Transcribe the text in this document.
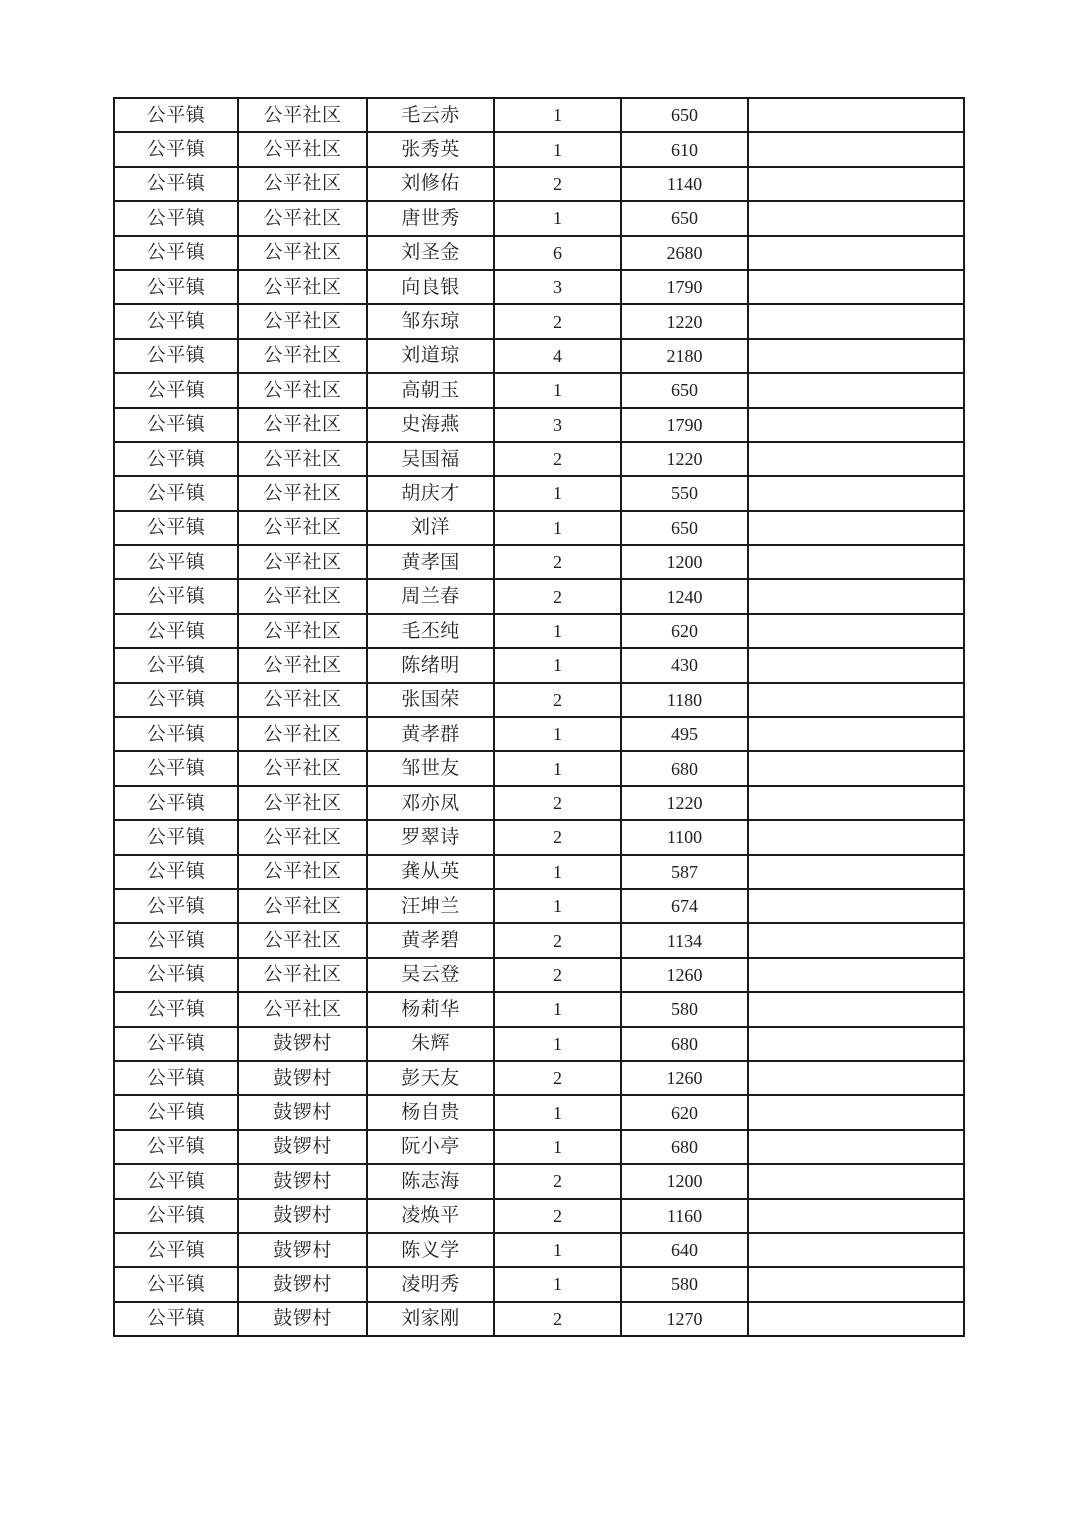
公平镇	公平社区	毛云赤	1	650	
公平镇	公平社区	张秀英	1	610	
公平镇	公平社区	刘修佑	2	1140	
公平镇	公平社区	唐世秀	1	650	
公平镇	公平社区	刘圣金	6	2680	
公平镇	公平社区	向良银	3	1790	
公平镇	公平社区	邹东琼	2	1220	
公平镇	公平社区	刘道琼	4	2180	
公平镇	公平社区	高朝玉	1	650	
公平镇	公平社区	史海燕	3	1790	
公平镇	公平社区	吴国福	2	1220	
公平镇	公平社区	胡庆才	1	550	
公平镇	公平社区	刘洋	1	650	
公平镇	公平社区	黄孝国	2	1200	
公平镇	公平社区	周兰春	2	1240	
公平镇	公平社区	毛丕纯	1	620	
公平镇	公平社区	陈绪明	1	430	
公平镇	公平社区	张国荣	2	1180	
公平镇	公平社区	黄孝群	1	495	
公平镇	公平社区	邹世友	1	680	
公平镇	公平社区	邓亦凤	2	1220	
公平镇	公平社区	罗翠诗	2	1100	
公平镇	公平社区	龚从英	1	587	
公平镇	公平社区	汪坤兰	1	674	
公平镇	公平社区	黄孝碧	2	1134	
公平镇	公平社区	吴云登	2	1260	
公平镇	公平社区	杨莉华	1	580	
公平镇	鼓锣村	朱辉	1	680	
公平镇	鼓锣村	彭天友	2	1260	
公平镇	鼓锣村	杨自贵	1	620	
公平镇	鼓锣村	阮小亭	1	680	
公平镇	鼓锣村	陈志海	2	1200	
公平镇	鼓锣村	凌焕平	2	1160	
公平镇	鼓锣村	陈义学	1	640	
公平镇	鼓锣村	凌明秀	1	580	
公平镇	鼓锣村	刘家刚	2	1270	
